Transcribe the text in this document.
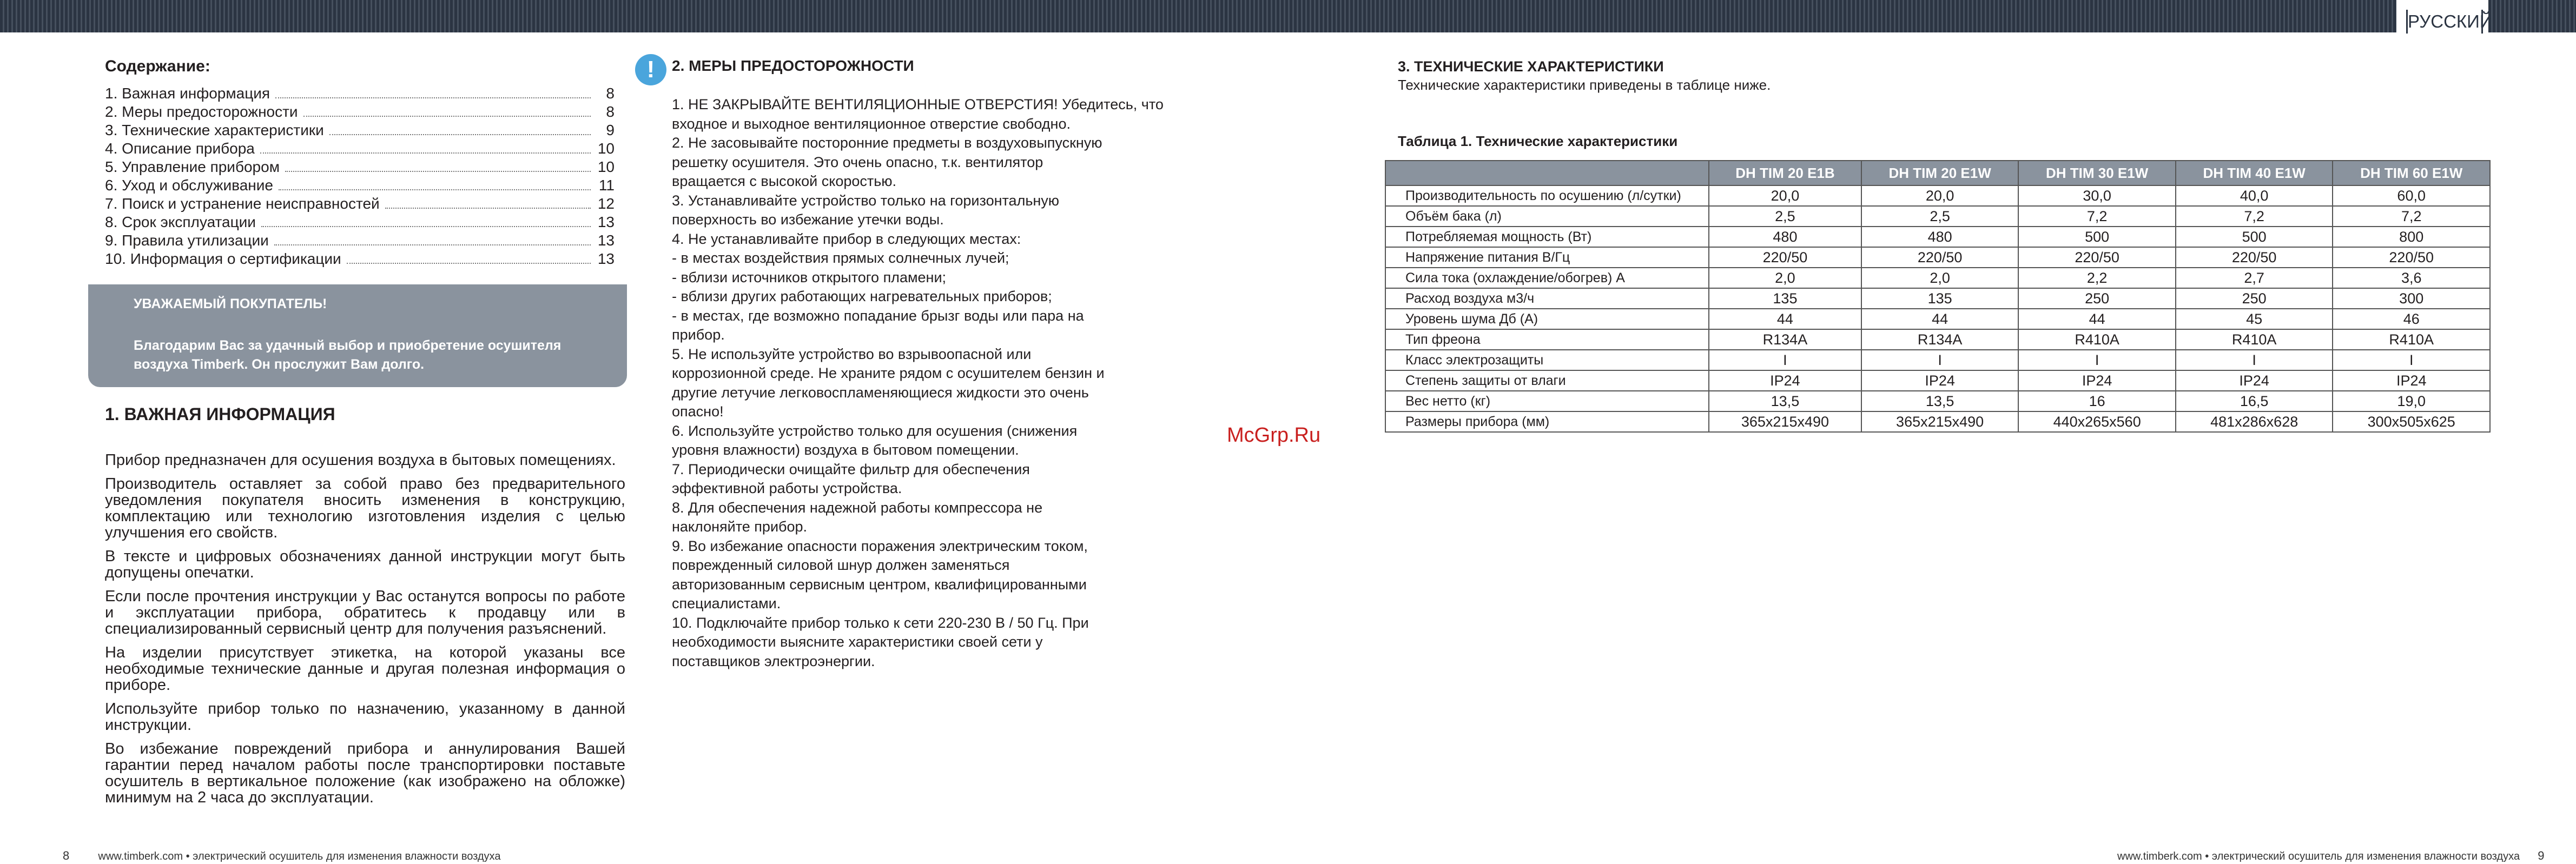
РУССКИЙ
Содержание:
1. Важная информация	8
2. Меры предосторожности	8
3. Технические характеристики	9
4. Описание прибора	10
5. Управление прибором	10
6. Уход и обслуживание	11
7. Поиск и устранение неисправностей	12
8. Срок эксплуатации	13
9. Правила утилизации	13
10. Информация о сертификации	13
УВАЖАЕМЫЙ ПОКУПАТЕЛЬ!
Благодарим Вас за удачный выбор и приобретение осушителя воздуха Timberk. Он прослужит Вам долго.
1. ВАЖНАЯ ИНФОРМАЦИЯ

Прибор предназначен для осушения воздуха в бытовых помещениях.

Производитель оставляет за собой право без предварительного уведомления покупателя вносить изменения в конструкцию, комплектацию или технологию изготовления изделия с целью улучшения его свойств.

В тексте и цифровых обозначениях данной инструкции могут быть допущены опечатки.

Если после прочтения инструкции у Вас останутся вопросы по работе и эксплуатации прибора, обратитесь к продавцу или в специализированный сервисный центр для получения разъяснений.

На изделии присутствует этикетка, на которой указаны все необходимые технические данные и другая полезная информация о приборе.

Используйте прибор только по назначению, указанному в данной инструкции.

Во избежание повреждений прибора и аннулирования Вашей гарантии перед началом работы после транспортировки поставьте осушитель в вертикальное положение (как изображено на обложке) минимум на 2 часа до эксплуатации.

!	2. МЕРЫ ПРЕДОСТОРОЖНОСТИ
1. НЕ ЗАКРЫВАЙТЕ ВЕНТИЛЯЦИОННЫЕ ОТВЕРСТИЯ! Убедитесь, что
входное и выходное вентиляционное отверстие свободно.
2. Не засовывайте посторонние предметы в воздуховыпускную
решетку осушителя. Это очень опасно, т.к. вентилятор
вращается с высокой скоростью.
3. Устанавливайте устройство только на горизонтальную
поверхность во избежание утечки воды.
4. Не устанавливайте прибор в следующих местах:
- в местах воздействия прямых солнечных лучей;
- вблизи источников открытого пламени;
- вблизи других работающих нагревательных приборов;
- в местах, где возможно попадание брызг воды или пара на
прибор.
5. Не используйте устройство во взрывоопасной или
коррозионной среде. Не храните рядом с осушителем бензин и
другие летучие легковоспламеняющиеся жидкости это очень
опасно!
6. Используйте устройство только для осушения (снижения
уровня влажности) воздуха в бытовом помещении.
7. Периодически очищайте фильтр для обеспечения
эффективной работы устройства.
8. Для обеспечения надежной работы компрессора не
наклоняйте прибор.
9. Во избежание опасности поражения электрическим током,
поврежденный силовой шнур должен заменяться
авторизованным сервисным центром, квалифицированными
специалистами.
10. Подключайте прибор только к сети 220-230 В / 50 Гц. При
необходимости выясните характеристики своей сети у
поставщиков электроэнергии.
McGrp.Ru
3. ТЕХНИЧЕСКИЕ ХАРАКТЕРИСТИКИ
Технические характеристики приведены в таблице ниже.
Таблица 1. Технические характеристики
	DH TIM 20 E1B	DH TIM 20 E1W	DH TIM 30 E1W	DH TIM 40 E1W	DH TIM 60 E1W
Производительность по осушению (л/сутки)	20,0	20,0	30,0	40,0	60,0
Объём бака (л)	2,5	2,5	7,2	7,2	7,2
Потребляемая мощность (Вт)	480	480	500	500	800
Напряжение питания В/Гц	220/50	220/50	220/50	220/50	220/50
Сила тока (охлаждение/обогрев) А	2,0	2,0	2,2	2,7	3,6
Расход воздуха м3/ч	135	135	250	250	300
Уровень шума Дб (А)	44	44	44	45	46
Тип фреона	R134A	R134A	R410A	R410A	R410A
Класс электрозащиты	I	I	I	I	I
Степень защиты от влаги	IP24	IP24	IP24	IP24	IP24
Вес нетто (кг)	13,5	13,5	16	16,5	19,0
Размеры прибора (мм)	365х215х490	365х215х490	440х265х560	481х286х628	300х505х625
8	www.timberk.com • электрический осушитель для изменения влажности воздуха	www.timberk.com • электрический осушитель для изменения влажности воздуха 9
